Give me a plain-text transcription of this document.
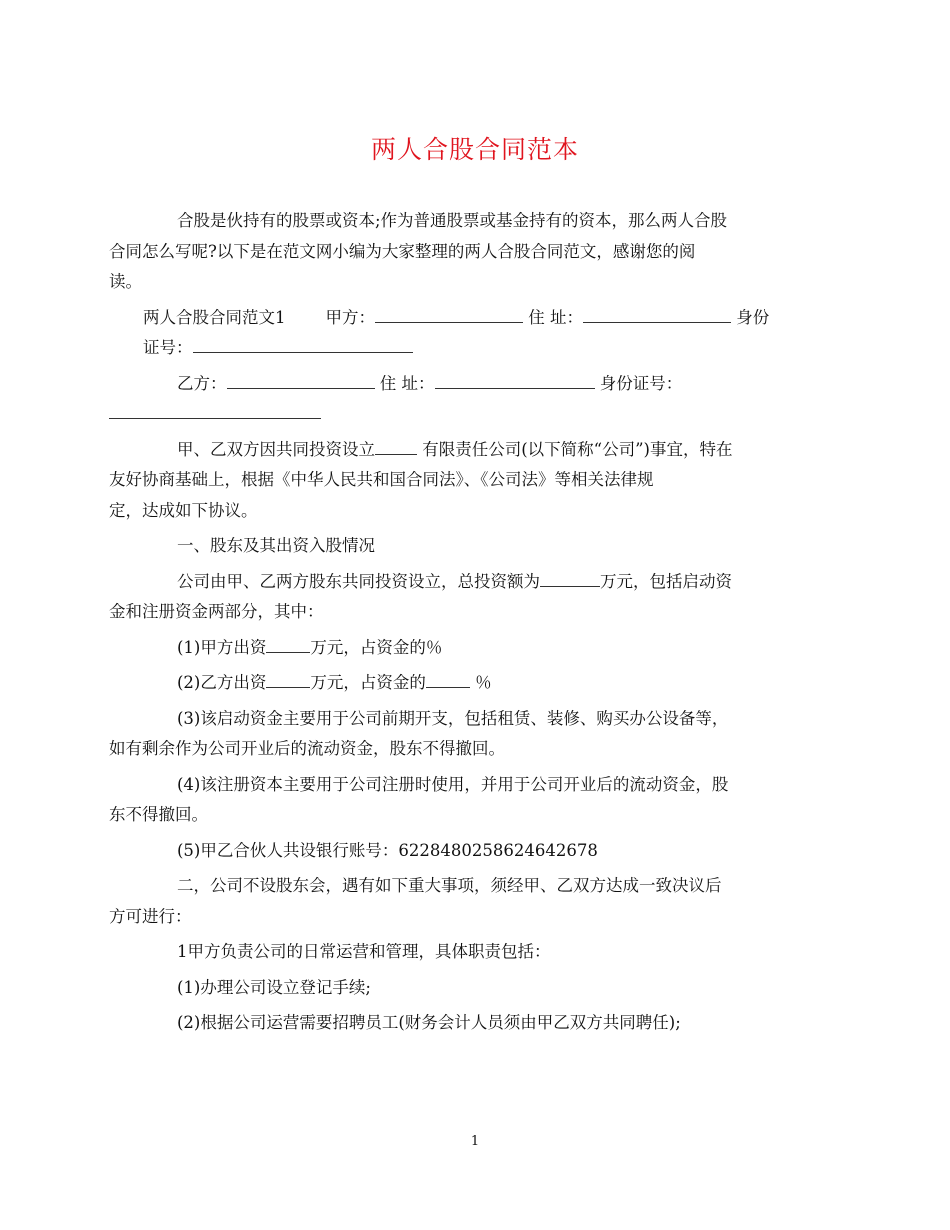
两人合股合同范本
合股是伙持有的股票或资本;作为普通股票或基金持有的资本，那么两人合股
合同怎么写呢?以下是在范文网小编为大家整理的两人合股合同范文，感谢您的阅
读。
两人合股合同范文1 甲方：	住 址：	身份
证号：
乙方：	住 址：	身份证号：
甲、乙双方因共同投资设立	有限责任公司(以下简称“公司”)事宜，特在
友好协商基础上，根据《中华人民共和国合同法》、《公司法》等相关法律规
定，达成如下协议。
一、股东及其出资入股情况
公司由甲、乙两方股东共同投资设立，总投资额为	万元，包括启动资
金和注册资金两部分，其中：
(1)甲方出资	万元，占资金的％
(2)乙方出资	万元，占资金的	％
(3)该启动资金主要用于公司前期开支，包括租赁、装修、购买办公设备等，
如有剩余作为公司开业后的流动资金，股东不得撤回。
(4)该注册资本主要用于公司注册时使用，并用于公司开业后的流动资金，股
东不得撤回。
(5)甲乙合伙人共设银行账号：6228480258624642678
二，公司不设股东会，遇有如下重大事项，须经甲、乙双方达成一致决议后
方可进行：
1甲方负责公司的日常运营和管理，具体职责包括：
(1)办理公司设立登记手续;
(2)根据公司运营需要招聘员工(财务会计人员须由甲乙双方共同聘任);
1
